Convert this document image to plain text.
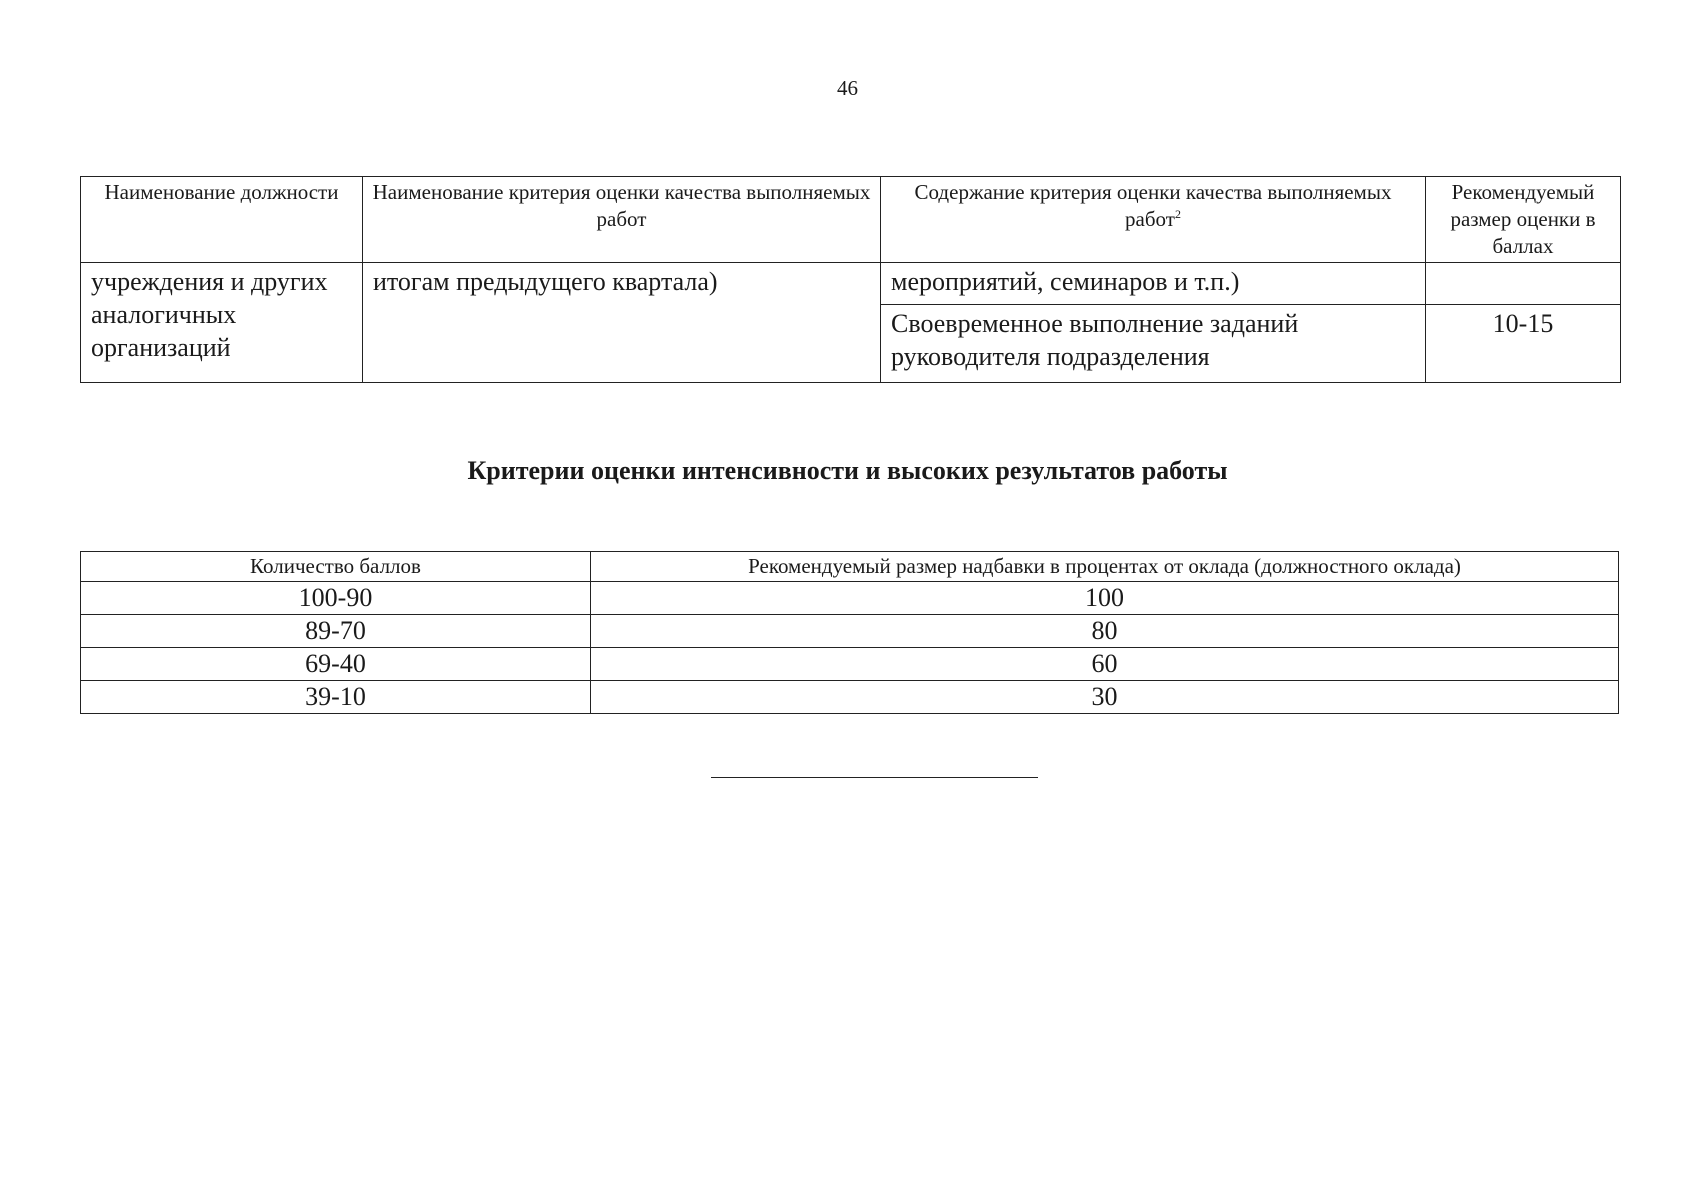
46
Наименование должности	Наименование критерия оценки качества выполняемых работ	Содержание критерия оценки качества выполняемых работ$^2$	Рекомендуемый размер оценки в баллах
учреждения и других аналогичных организаций	итогам предыдущего квартала)	мероприятий, семинаров и т.п.)	
		Своевременное выполнение заданий руководителя подразделения	10-15
Критерии оценки интенсивности и высоких результатов работы
Количество баллов	Рекомендуемый размер надбавки в процентах от оклада (должностного оклада)
100-90	100
89-70	80
69-40	60
39-10	30
